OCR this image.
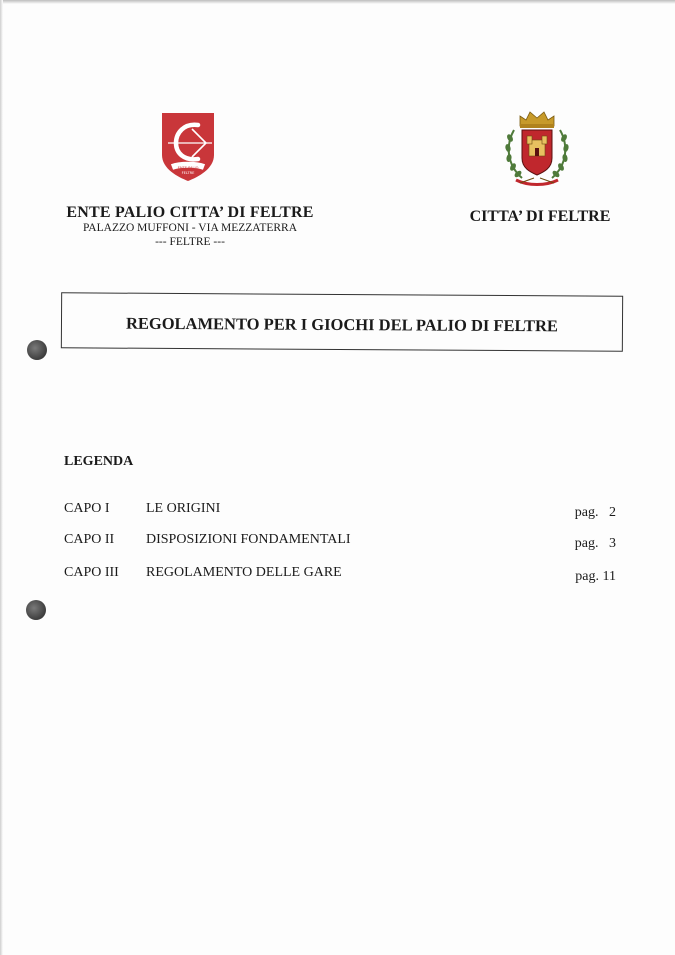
ENTE PALIO
FELTRE
ENTE PALIO CITTA’ DI FELTRE
PALAZZO MUFFONI - VIA MEZZATERRA
--- FELTRE ---
CITTA’ DI FELTRE
REGOLAMENTO PER I GIOCHI DEL PALIO DI FELTRE
LEGENDA
CAPO I	LE ORIGINI	pag.   2
CAPO II DISPOSIZIONI FONDAMENTALI	pag.   3
CAPO III REGOLAMENTO DELLE GARE	pag. 11
